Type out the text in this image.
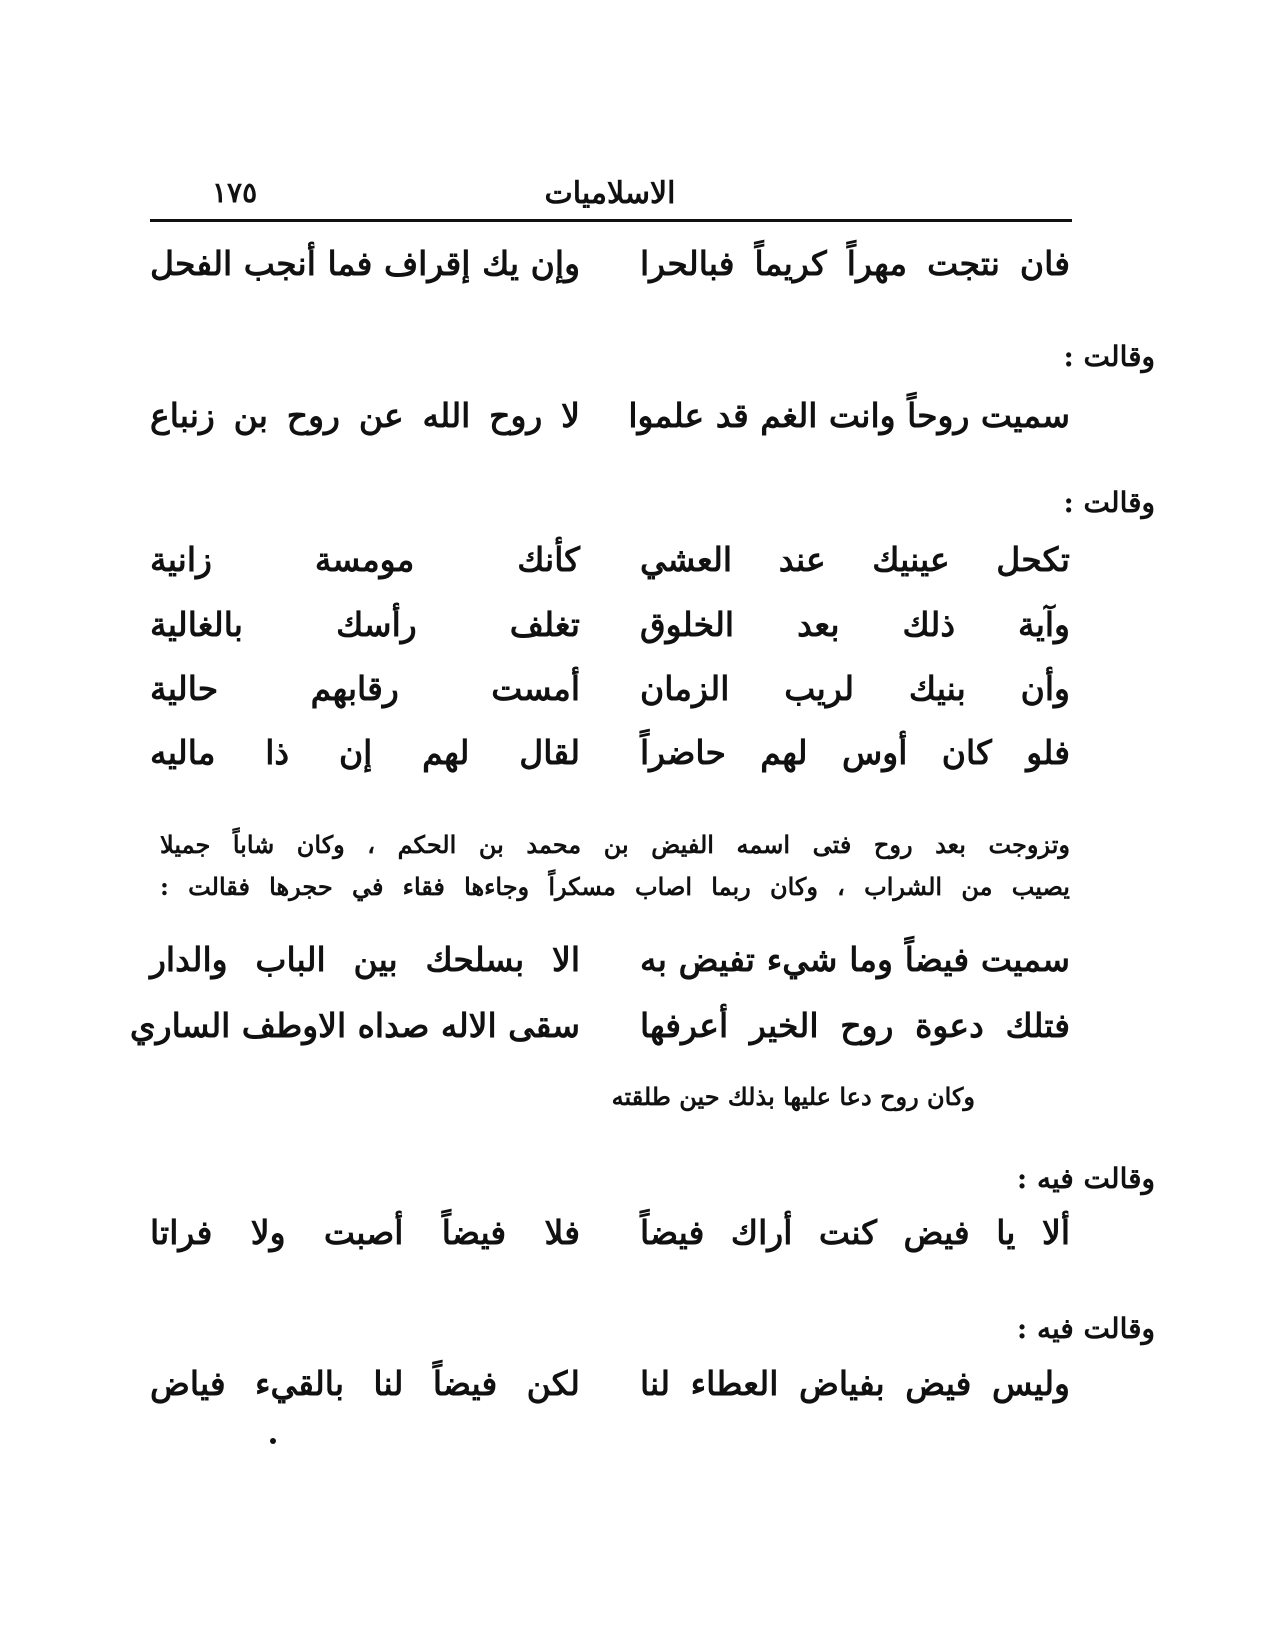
١٧٥	الاسلاميات
فان نتجت مهراً كريماً فبالحرا
وإن يك إقراف فما أنجب الفحل
وقالت :
سميت روحاً وانت الغم قد علموا
لا روح الله عن روح بن زنباع
وقالت :
تكحل عينيك عند العشي
كأنك مومسة زانية
وآية ذلك بعد الخلوق
تغلف رأسك بالغالية
وأن بنيك لريب الزمان
أمست رقابهم حالية
فلو كان أوس لهم حاضراً
لقال لهم إن ذا ماليه
وتزوجت بعد روح فتى اسمه الفيض بن محمد بن الحكم ، وكان شاباً جميلا
يصيب من الشراب ، وكان ربما اصاب مسكراً وجاءها فقاء في حجرها فقالت :
سميت فيضاً وما شيء تفيض به
الا بسلحك بين الباب والدار
فتلك دعوة روح الخير أعرفها
سقى الاله صداه الاوطف الساري
وكان روح دعا عليها بذلك حين طلقته
وقالت فيه :
ألا يا فيض كنت أراك فيضاً
فلا فيضاً أصبت ولا فراتا
وقالت فيه :
وليس فيض بفياض العطاء لنا
لكن فيضاً لنا بالقيء فياض
